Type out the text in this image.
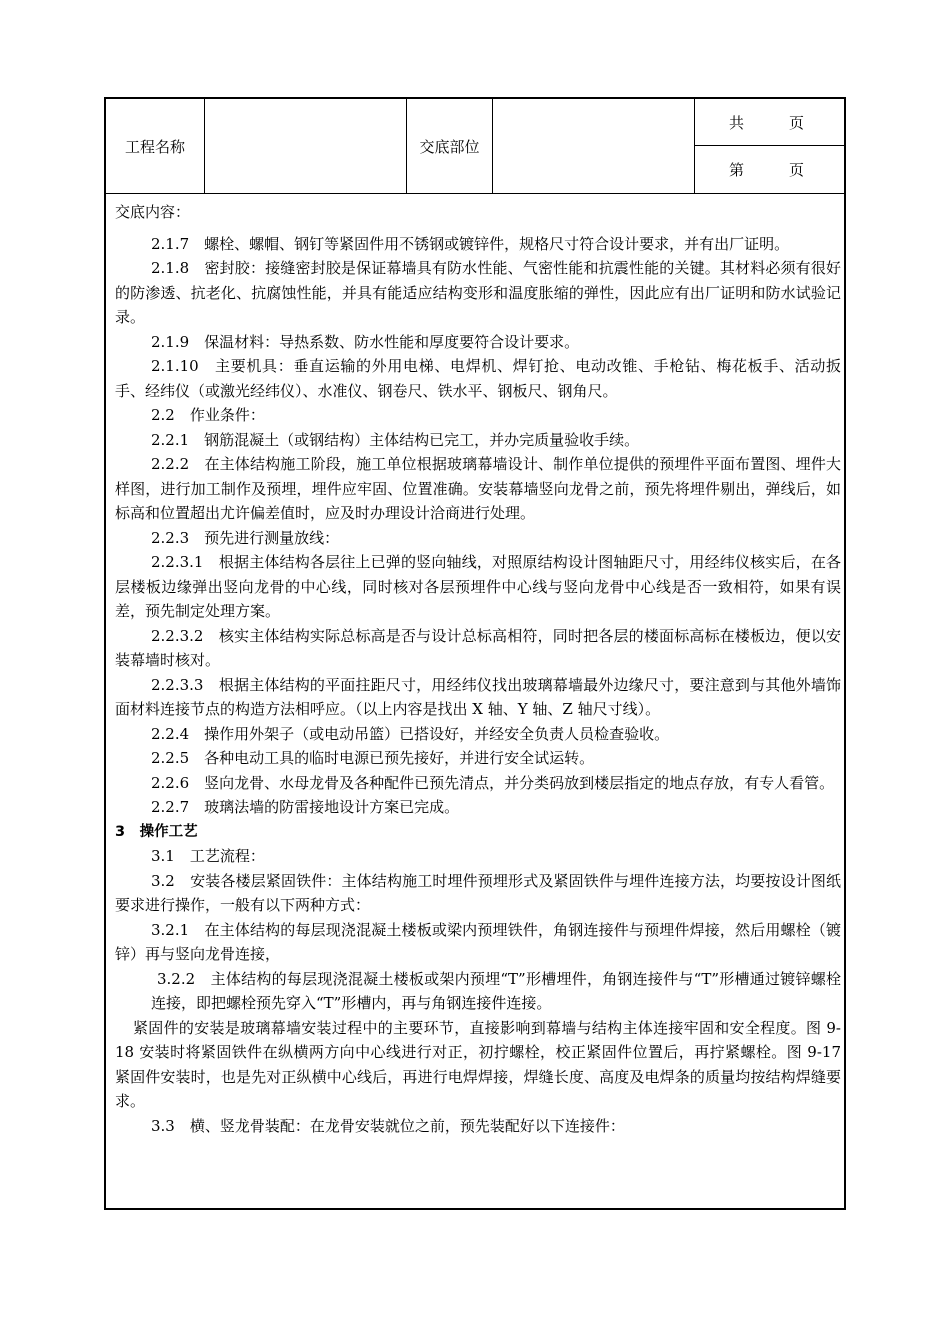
工程名称	交底部位
共　　　页
第　　　页

交底内容：

2.1.7　螺栓、螺帽、钢钉等紧固件用不锈钢或镀锌件，规格尺寸符合设计要求，并有出厂证明。

2.1.8　密封胶：接缝密封胶是保证幕墙具有防水性能、气密性能和抗震性能的关键。其材料必须有很好的防渗透、抗老化、抗腐蚀性能，并具有能适应结构变形和温度胀缩的弹性，因此应有出厂证明和防水试验记录。

2.1.9　保温材料：导热系数、防水性能和厚度要符合设计要求。

2.1.10　主要机具：垂直运输的外用电梯、电焊机、焊钉抢、电动改锥、手枪钻、梅花板手、活动扳手、经纬仪（或激光经纬仪）、水准仪、钢卷尺、铁水平、钢板尺、钢角尺。

2.2　作业条件：

2.2.1　钢筋混凝土（或钢结构）主体结构已完工，并办完质量验收手续。

2.2.2　在主体结构施工阶段，施工单位根据玻璃幕墙设计、制作单位提供的预埋件平面布置图、埋件大样图，进行加工制作及预埋，埋件应牢固、位置准确。安装幕墙竖向龙骨之前，预先将埋件剔出，弹线后，如标高和位置超出尤许偏差值时，应及时办理设计洽商进行处理。

2.2.3　预先进行测量放线：

2.2.3.1　根据主体结构各层往上已弹的竖向轴线，对照原结构设计图轴距尺寸，用经纬仪核实后，在各层楼板边缘弹出竖向龙骨的中心线，同时核对各层预埋件中心线与竖向龙骨中心线是否一致相符，如果有误差，预先制定处理方案。

2.2.3.2　核实主体结构实际总标高是否与设计总标高相符，同时把各层的楼面标高标在楼板边，便以安装幕墙时核对。

2.2.3.3　根据主体结构的平面拄距尺寸，用经纬仪找出玻璃幕墙最外边缘尺寸，要注意到与其他外墙饰面材料连接节点的构造方法相呼应。（以上内容是找出 X 轴、Y 轴、Z 轴尺寸线）。

2.2.4　操作用外架子（或电动吊篮）已搭设好，并经安全负责人员检查验收。

2.2.5　各种电动工具的临时电源已预先接好，并进行安全试运转。

2.2.6　竖向龙骨、水母龙骨及各种配件已预先清点，并分类码放到楼层指定的地点存放，有专人看管。

2.2.7　玻璃法墙的防雷接地设计方案已完成。

3　操作工艺

3.1　工艺流程：

3.2　安装各楼层紧固铁件：主体结构施工时埋件预埋形式及紧固铁件与埋件连接方法，均要按设计图纸要求进行操作，一般有以下两种方式：

3.2.1　在主体结构的每层现浇混凝土楼板或梁内预埋铁件，角钢连接件与预埋件焊接，然后用螺栓（镀锌）再与竖向龙骨连接，

3.2.2　主体结构的每层现浇混凝土楼板或架内预埋“T”形槽埋件，角钢连接件与“T”形槽通过镀锌螺栓连接，即把螺栓预先穿入“T”形槽内，再与角钢连接件连接。

紧固件的安装是玻璃幕墙安装过程中的主要环节，直接影响到幕墙与结构主体连接牢固和安全程度。图 9-18 安装时将紧固铁件在纵横两方向中心线进行对正，初拧螺栓，校正紧固件位置后，再拧紧螺栓。图 9-17 紧固件安装时，也是先对正纵横中心线后，再进行电焊焊接，焊缝长度、高度及电焊条的质量均按结构焊缝要求。

3.3　横、竖龙骨装配：在龙骨安装就位之前，预先装配好以下连接件：
